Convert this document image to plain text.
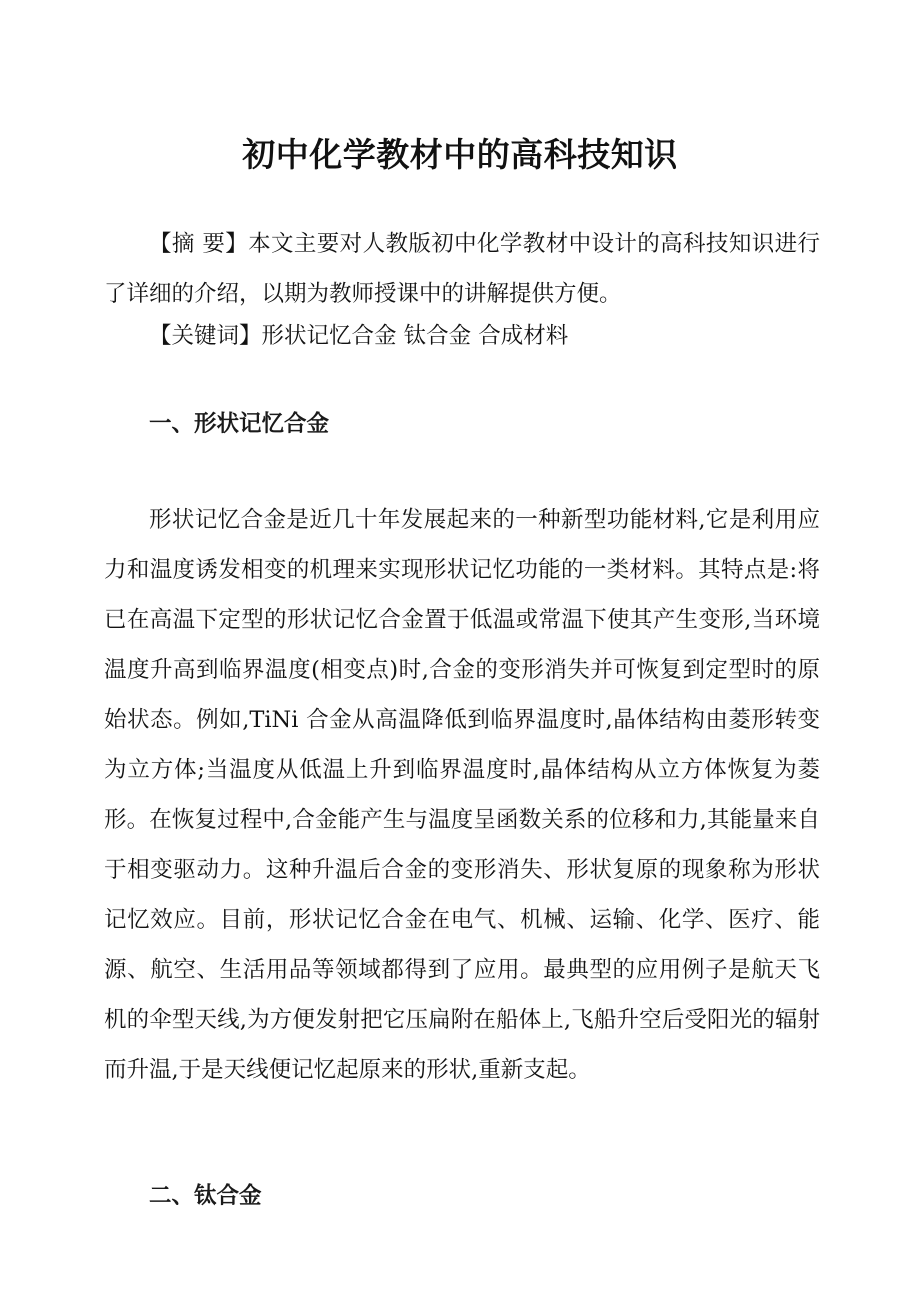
初中化学教材中的高科技知识

【摘 要】本文主要对人教版初中化学教材中设计的高科技知识进行了详细的介绍，以期为教师授课中的讲解提供方便。

【关键词】形状记忆合金 钛合金 合成材料

一、形状记忆合金

形状记忆合金是近几十年发展起来的一种新型功能材料,它是利用应力和温度诱发相变的机理来实现形状记忆功能的一类材料。其特点是:将已在高温下定型的形状记忆合金置于低温或常温下使其产生变形,当环境温度升高到临界温度(相变点)时,合金的变形消失并可恢复到定型时的原始状态。例如,TiNi 合金从高温降低到临界温度时,晶体结构由菱形转变为立方体;当温度从低温上升到临界温度时,晶体结构从立方体恢复为菱形。在恢复过程中,合金能产生与温度呈函数关系的位移和力,其能量来自于相变驱动力。这种升温后合金的变形消失、形状复原的现象称为形状记忆效应。目前，形状记忆合金在电气、机械、运输、化学、医疗、能源、航空、生活用品等领域都得到了应用。最典型的应用例子是航天飞机的伞型天线,为方便发射把它压扁附在船体上,飞船升空后受阳光的辐射而升温,于是天线便记忆起原来的形状,重新支起。

二、钛合金
